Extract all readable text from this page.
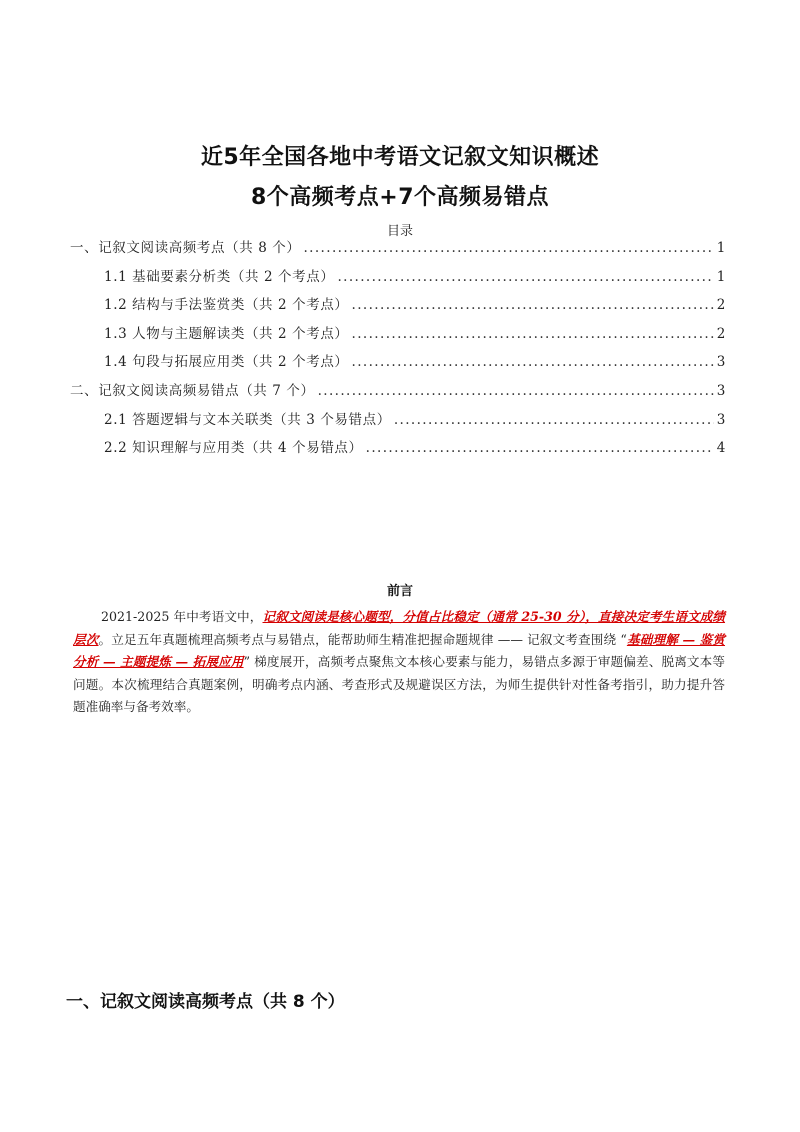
近5年全国各地中考语文记叙文知识概述
8个高频考点+7个高频易错点
目录
一、记叙文阅读高频考点（共 8 个） .....	1
1.1 基础要素分析类（共 2 个考点） .....	1
1.2 结构与手法鉴赏类（共 2 个考点） .....	2
1.3 人物与主题解读类（共 2 个考点） .....	2
1.4 句段与拓展应用类（共 2 个考点） .....	3
二、记叙文阅读高频易错点（共 7 个） .....	3
2.1 答题逻辑与文本关联类（共 3 个易错点） .....	3
2.2 知识理解与应用类（共 4 个易错点） .....	4
前言
2021-2025 年中考语文中，记叙文阅读是核心题型，分值占比稳定（通常 25-30 分），直接决定考生语文成绩层次。立足五年真题梳理高频考点与易错点，能帮助师生精准把握命题规律 —— 记叙文考查围绕 “基础理解 — 鉴赏分析 — 主题提炼 — 拓展应用” 梯度展开，高频考点聚焦文本核心要素与能力，易错点多源于审题偏差、脱离文本等问题。本次梳理结合真题案例，明确考点内涵、考查形式及规避误区方法，为师生提供针对性备考指引，助力提升答题准确率与备考效率。
一、记叙文阅读高频考点（共 8 个）
